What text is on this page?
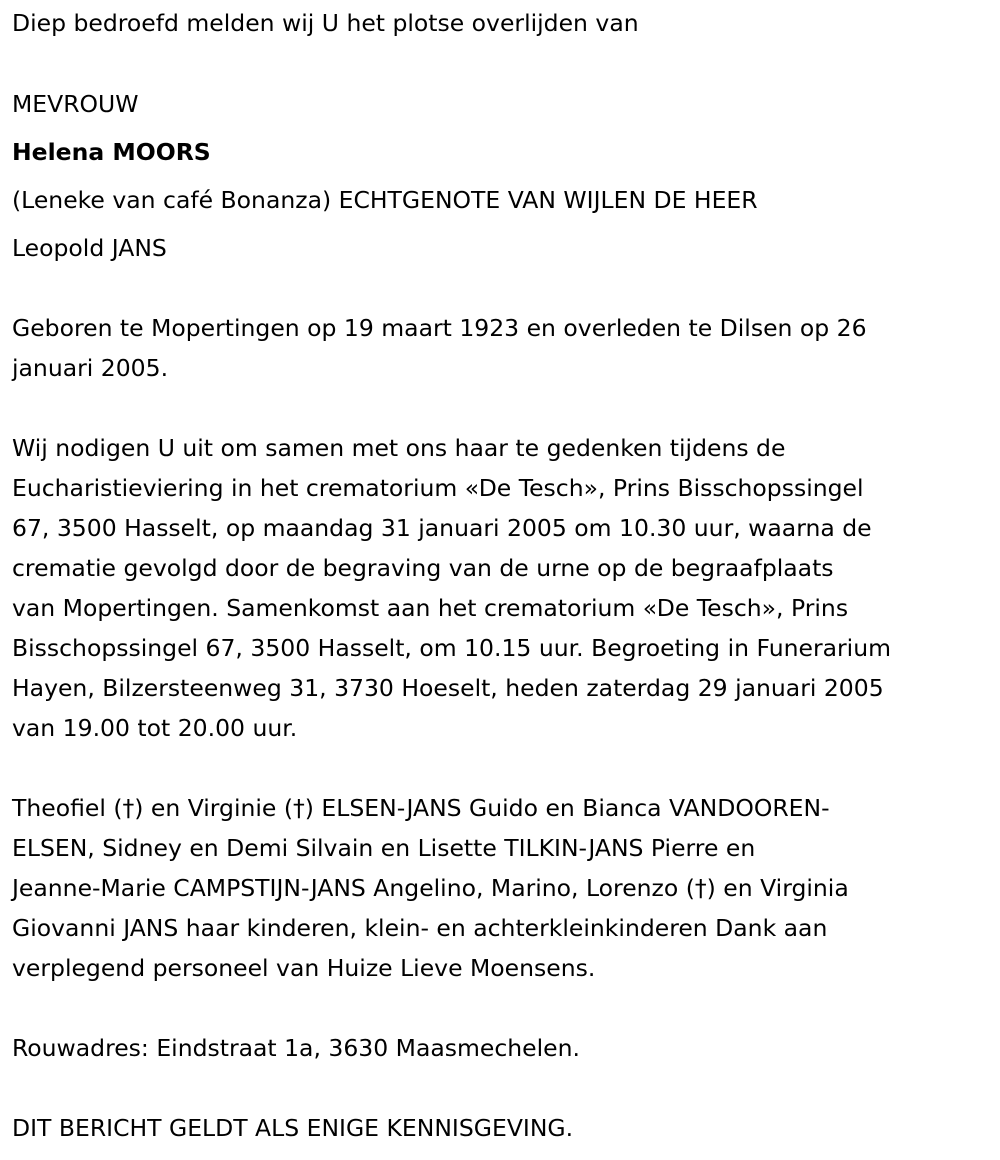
Diep bedroefd melden wij U het plotse overlijden van
MEVROUW
Helena MOORS
(Leneke van café Bonanza) ECHTGENOTE VAN WIJLEN DE HEER
Leopold JANS
Geboren te Mopertingen op 19 maart 1923 en overleden te Dilsen op 26
januari 2005.
Wij nodigen U uit om samen met ons haar te gedenken tijdens de
Eucharistieviering in het crematorium «De Tesch», Prins Bisschopssingel
67, 3500 Hasselt, op maandag 31 januari 2005 om 10.30 uur, waarna de
crematie gevolgd door de begraving van de urne op de begraafplaats
van Mopertingen. Samenkomst aan het crematorium «De Tesch», Prins
Bisschopssingel 67, 3500 Hasselt, om 10.15 uur. Begroeting in Funerarium
Hayen, Bilzersteenweg 31, 3730 Hoeselt, heden zaterdag 29 januari 2005
van 19.00 tot 20.00 uur.
Theofiel (†) en Virginie (†) ELSEN-JANS Guido en Bianca VANDOOREN-
ELSEN, Sidney en Demi Silvain en Lisette TILKIN-JANS Pierre en
Jeanne-Marie CAMPSTIJN-JANS Angelino, Marino, Lorenzo (†) en Virginia
Giovanni JANS haar kinderen, klein- en achterkleinkinderen Dank aan
verplegend personeel van Huize Lieve Moensens.
Rouwadres: Eindstraat 1a, 3630 Maasmechelen.
DIT BERICHT GELDT ALS ENIGE KENNISGEVING.
